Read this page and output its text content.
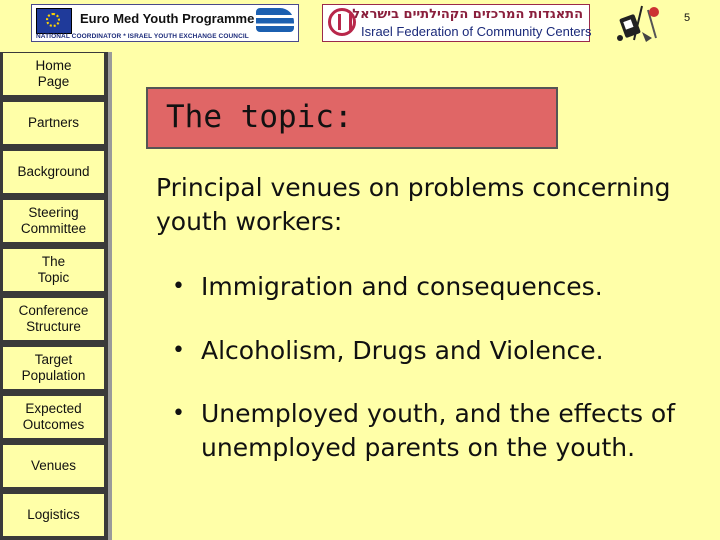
Euro Med Youth Programme
NATIONAL COORDINATOR * ISRAEL YOUTH EXCHANGE COUNCIL
התאגדות המרכזים הקהילתיים בישראל
Israel Federation of Community Centers
5
Home
Page
Partners
Background
Steering
Committee
The
Topic
Conference
Structure
Target
Population
Expected
Outcomes
Venues
Logistics
The topic:
Principal venues on problems concerning youth workers:
• Immigration and consequences.
• Alcoholism, Drugs and Violence.
• Unemployed youth, and the effects of unemployed parents on the youth.
